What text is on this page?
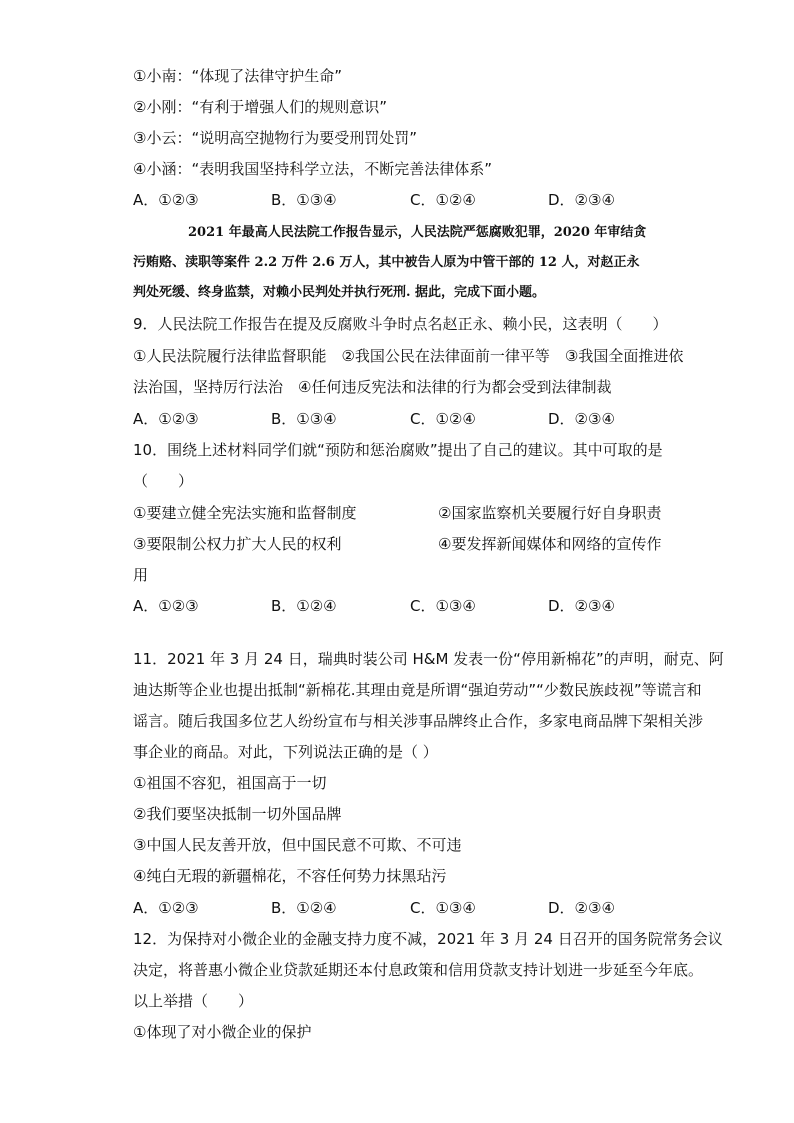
①小南：“体现了法律守护生命”
②小刚：“有利于增强人们的规则意识”
③小云：“说明高空抛物行为要受刑罚处罚”
④小涵：“表明我国坚持科学立法，不断完善法律体系”
A．①②③	B．①③④	C．①②④	D．②③④
2021 年最高人民法院工作报告显示，人民法院严惩腐败犯罪，2020 年审结贪
污贿赂、渎职等案件 2.2 万件 2.6 万人，其中被告人原为中管干部的 12 人，对赵正永
判处死缓、终身监禁，对赖小民判处并执行死刑. 据此，完成下面小题。
9．人民法院工作报告在提及反腐败斗争时点名赵正永、赖小民，这表明（　　）
①人民法院履行法律监督职能　②我国公民在法律面前一律平等　③我国全面推进依
法治国，坚持厉行法治　④任何违反宪法和法律的行为都会受到法律制裁
A．①②③	B．①③④	C．①②④	D．②③④
10．围绕上述材料同学们就“预防和惩治腐败”提出了自己的建议。其中可取的是
（　　）
①要建立健全宪法实施和监督制度	②国家监察机关要履行好自身职责
③要限制公权力扩大人民的权利	④要发挥新闻媒体和网络的宣传作
用
A．①②③	B．①②④	C．①③④	D．②③④
11．2021 年 3 月 24 日，瑞典时装公司 H&M 发表一份“停用新棉花”的声明，耐克、阿
迪达斯等企业也提出抵制“新棉花.其理由竟是所谓“强迫劳动”“少数民族歧视”等谎言和
谣言。随后我国多位艺人纷纷宣布与相关涉事品牌终止合作，多家电商品牌下架相关涉
事企业的商品。对此，下列说法正确的是（ ）
①祖国不容犯，祖国高于一切
②我们要坚决抵制一切外国品牌
③中国人民友善开放，但中国民意不可欺、不可违
④纯白无瑕的新疆棉花，不容任何势力抹黑玷污
A．①②③	B．①②④	C．①③④	D．②③④
12．为保持对小微企业的金融支持力度不减，2021 年 3 月 24 日召开的国务院常务会议
决定，将普惠小微企业贷款延期还本付息政策和信用贷款支持计划进一步延至今年底。
以上举措（　　）
①体现了对小微企业的保护
